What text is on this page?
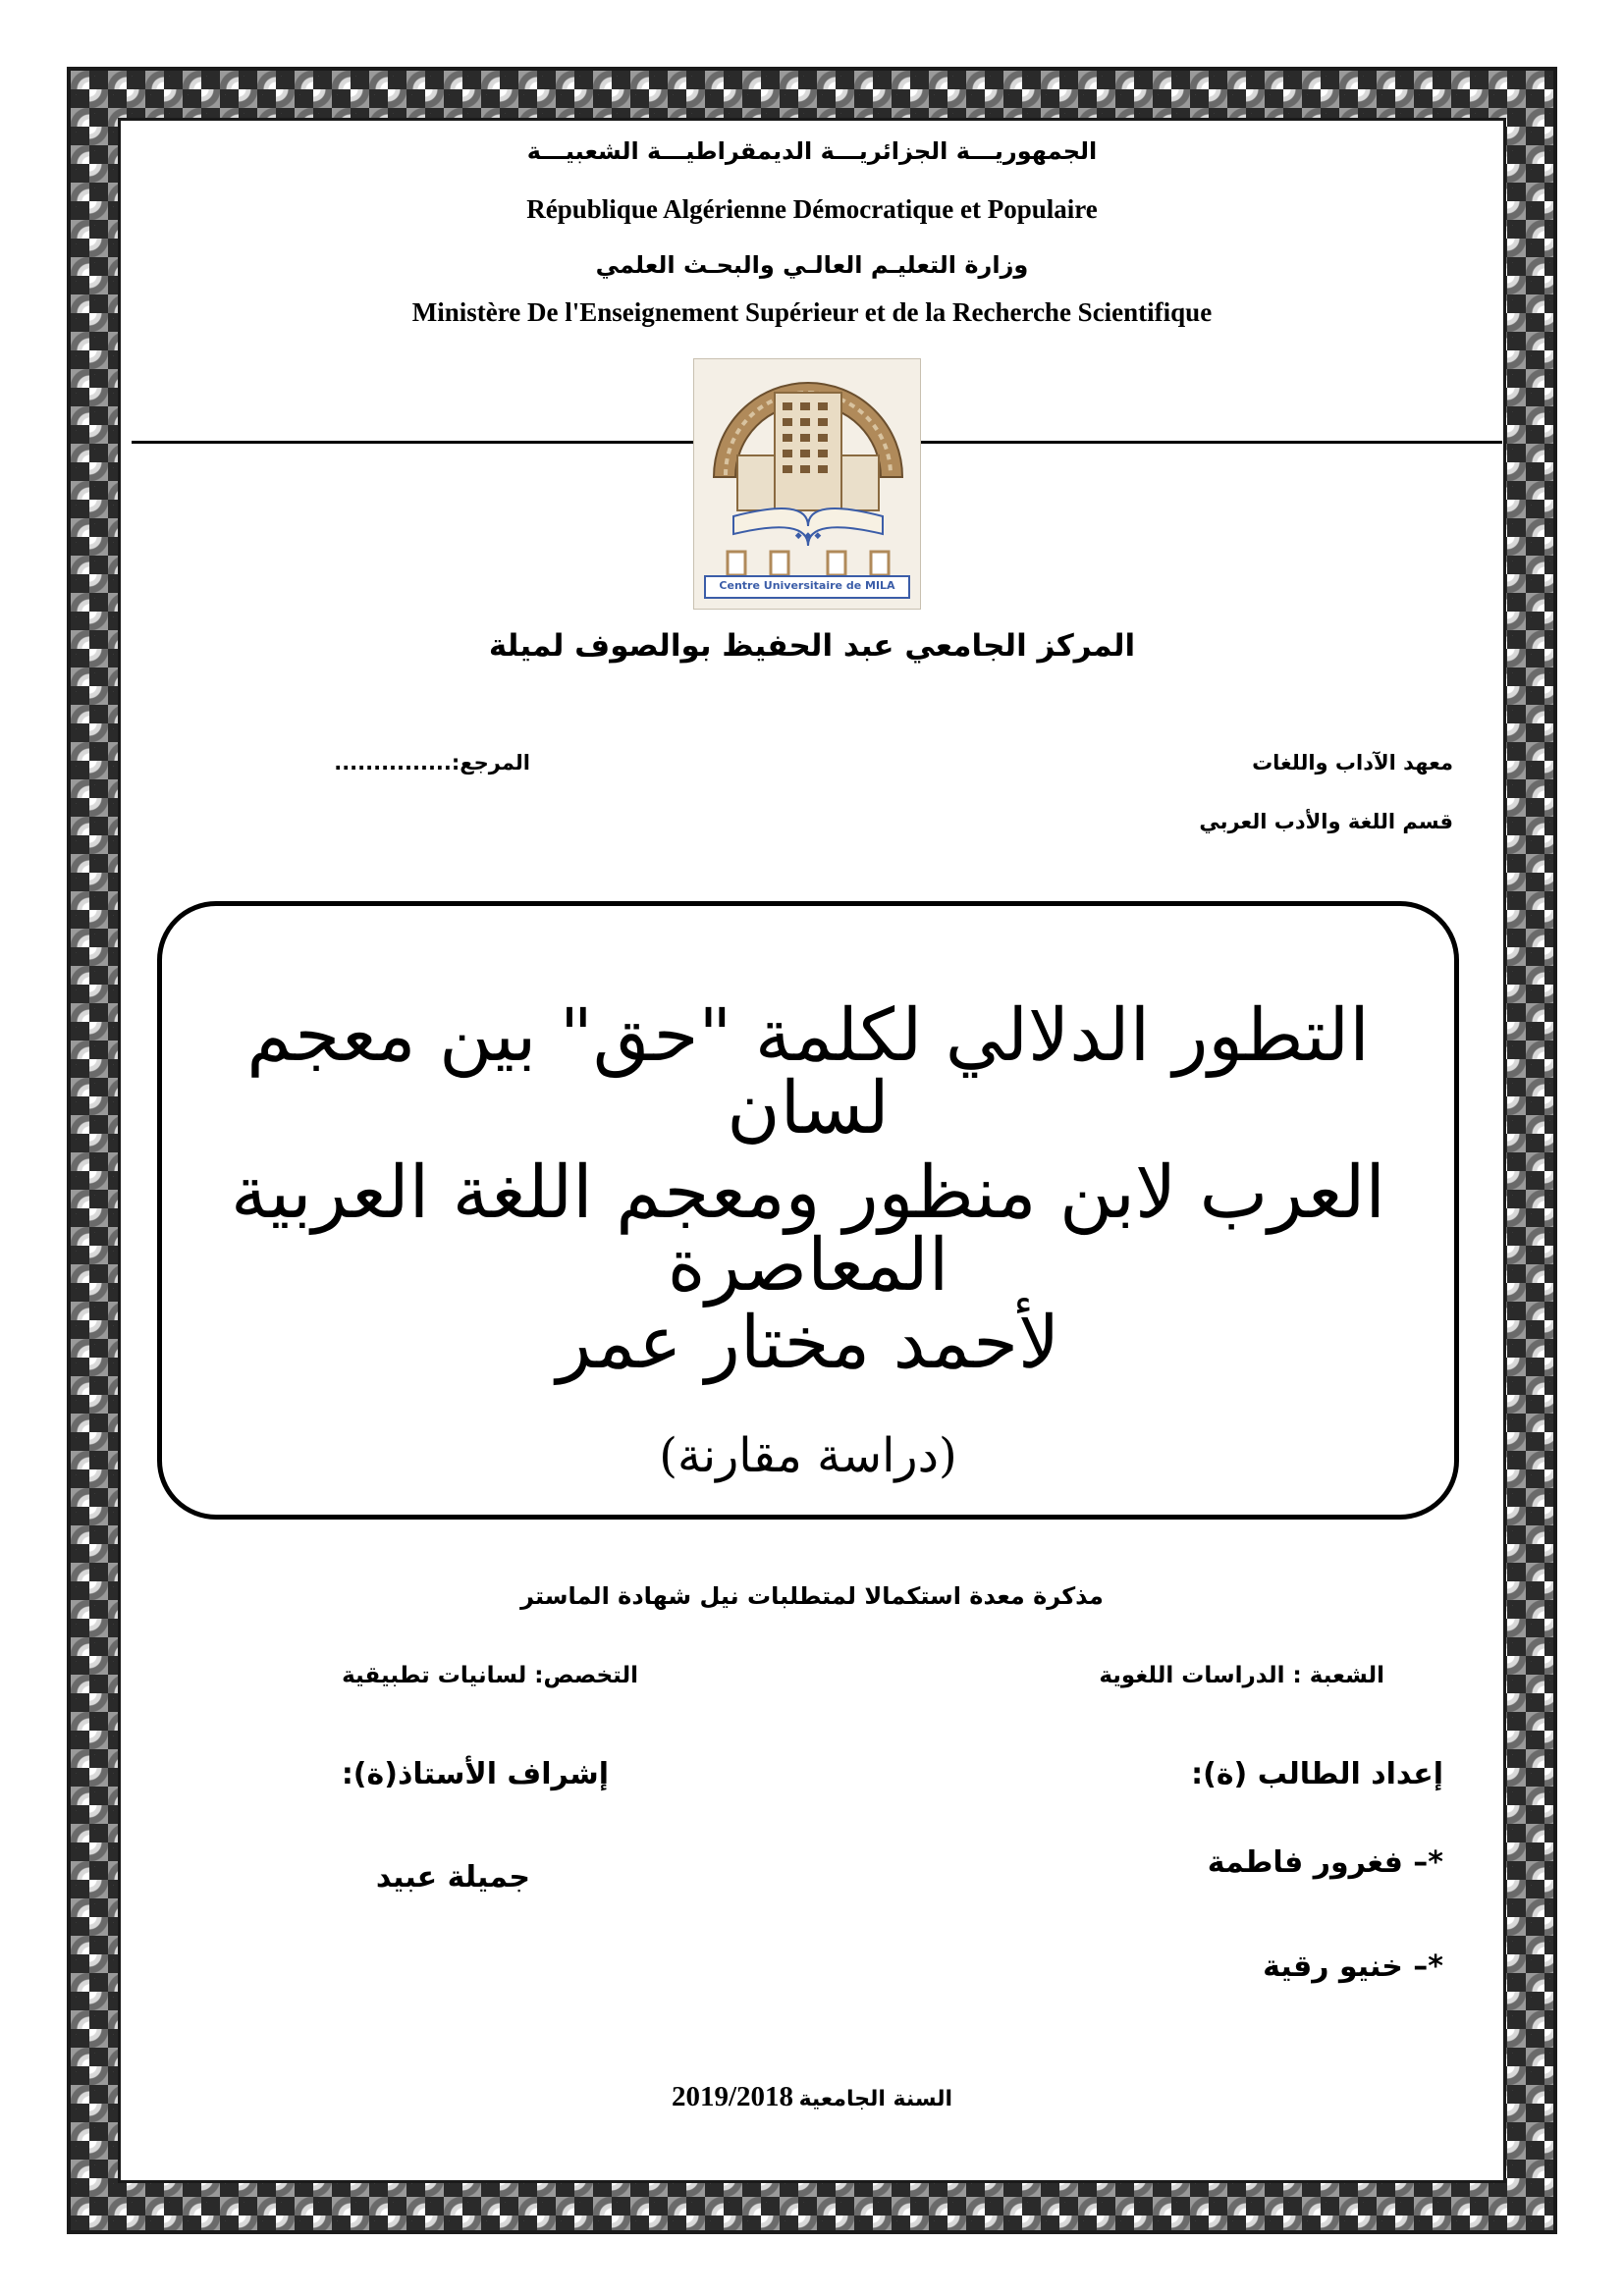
الجمهوريـــة الجزائريـــة الديمقراطيـــة الشعبيـــة
République Algérienne Démocratique et Populaire
وزارة التعليـم العالـي والبحـث العلمي
Ministère De l'Enseignement Supérieur et de la Recherche Scientifique
◆ ◆ ◆
Centre Universitaire de MILA
المركز الجامعي عبد الحفيظ بوالصوف لميلة
معهد الآداب واللغات
قسم اللغة والأدب العربي
المرجع:...............
التطور الدلالي لكلمة "حق" بين معجم لسان
العرب لابن منظور ومعجم اللغة العربية المعاصرة
لأحمد مختار عمر
(دراسة مقارنة)
مذكرة معدة استكمالا لمتطلبات نيل شهادة الماستر
الشعبة : الدراسات اللغوية
التخصص: لسانيات تطبيقية
إعداد الطالب (ة):
إشراف الأستاذ(ة):
*– فغرور فاطمة
*– خنيو رقية
جميلة عبيد
السنة الجامعية 2019/2018
